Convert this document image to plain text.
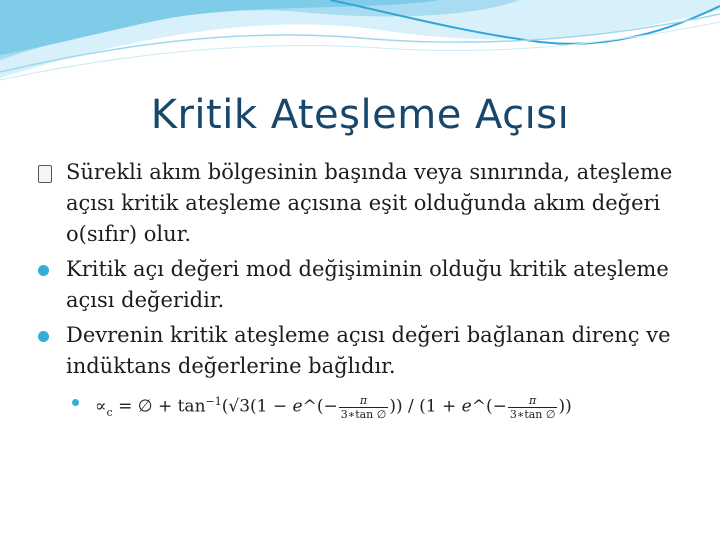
Kritik Ateşleme Açısı
Sürekli akım bölgesinin başında veya sınırında, ateşleme açısı kritik ateşleme açısına eşit olduğunda akım değeri o(sıfır) olur.
Kritik açı değeri mod değişiminin olduğu kritik ateşleme açısı değeridir.
Devrenin kritik ateşleme açısı değeri bağlanan direnç ve indüktans değerlerine bağlıdır.
$\propto_c$ = ∅ + $\tan^{-1}(√3(1$ − e^(− $\frac{\pi}{3∗\tan \emptyset}$ )) / (1 + e^(− $\frac{\pi}{3∗\tan \emptyset}$ ))
